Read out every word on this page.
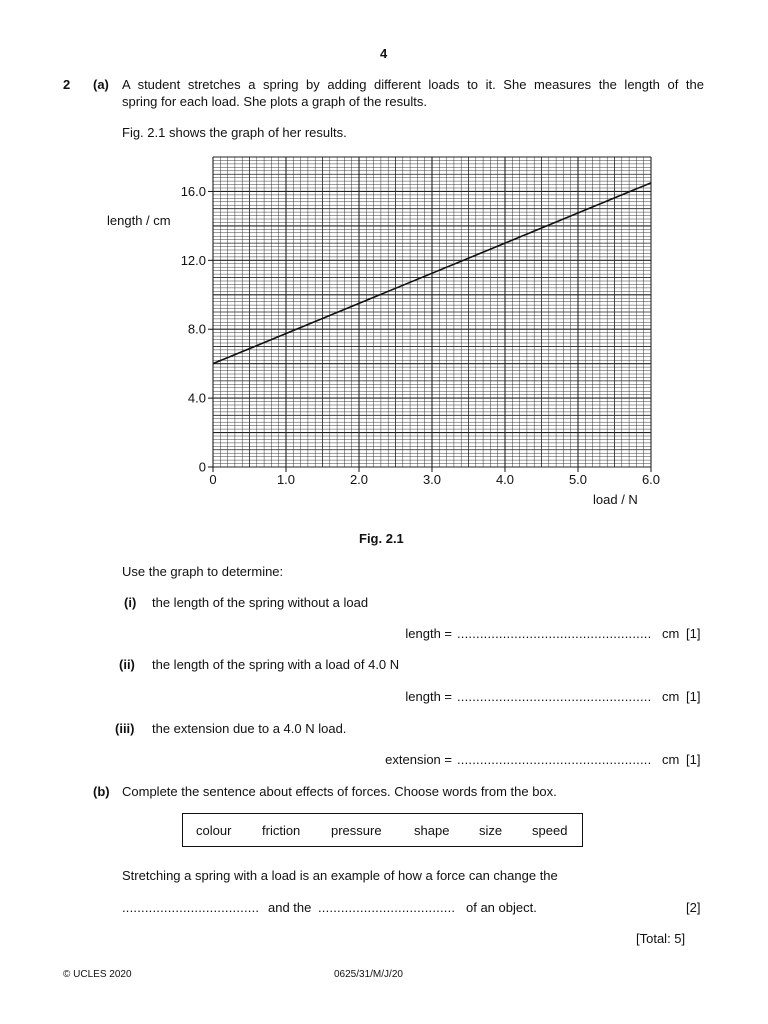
4
2 (a) A student stretches a spring by adding different loads to it. She measures the length of the
spring for each load. She plots a graph of the results.
Fig. 2.1 shows the graph of her results.
0	1.0	2.0	3.0	4.0	5.0	6.0
0
4.0
8.0
12.0
16.0
length / cm
load / N
Fig. 2.1
Use the graph to determine:
(i) the length of the spring without a load
length = ................................................... cm [1]
(ii) the length of the spring with a load of 4.0 N
length = ................................................... cm [1]
(iii) the extension due to a 4.0 N load.
extension = ................................................... cm [1]
(b) Complete the sentence about effects of forces. Choose words from the box.
colour friction pressure shape size speed
Stretching a spring with a load is an example of how a force can change the
.................................... and the .................................... of an object.	[2]
[Total: 5]
© UCLES 2020	0625/31/M/J/20
